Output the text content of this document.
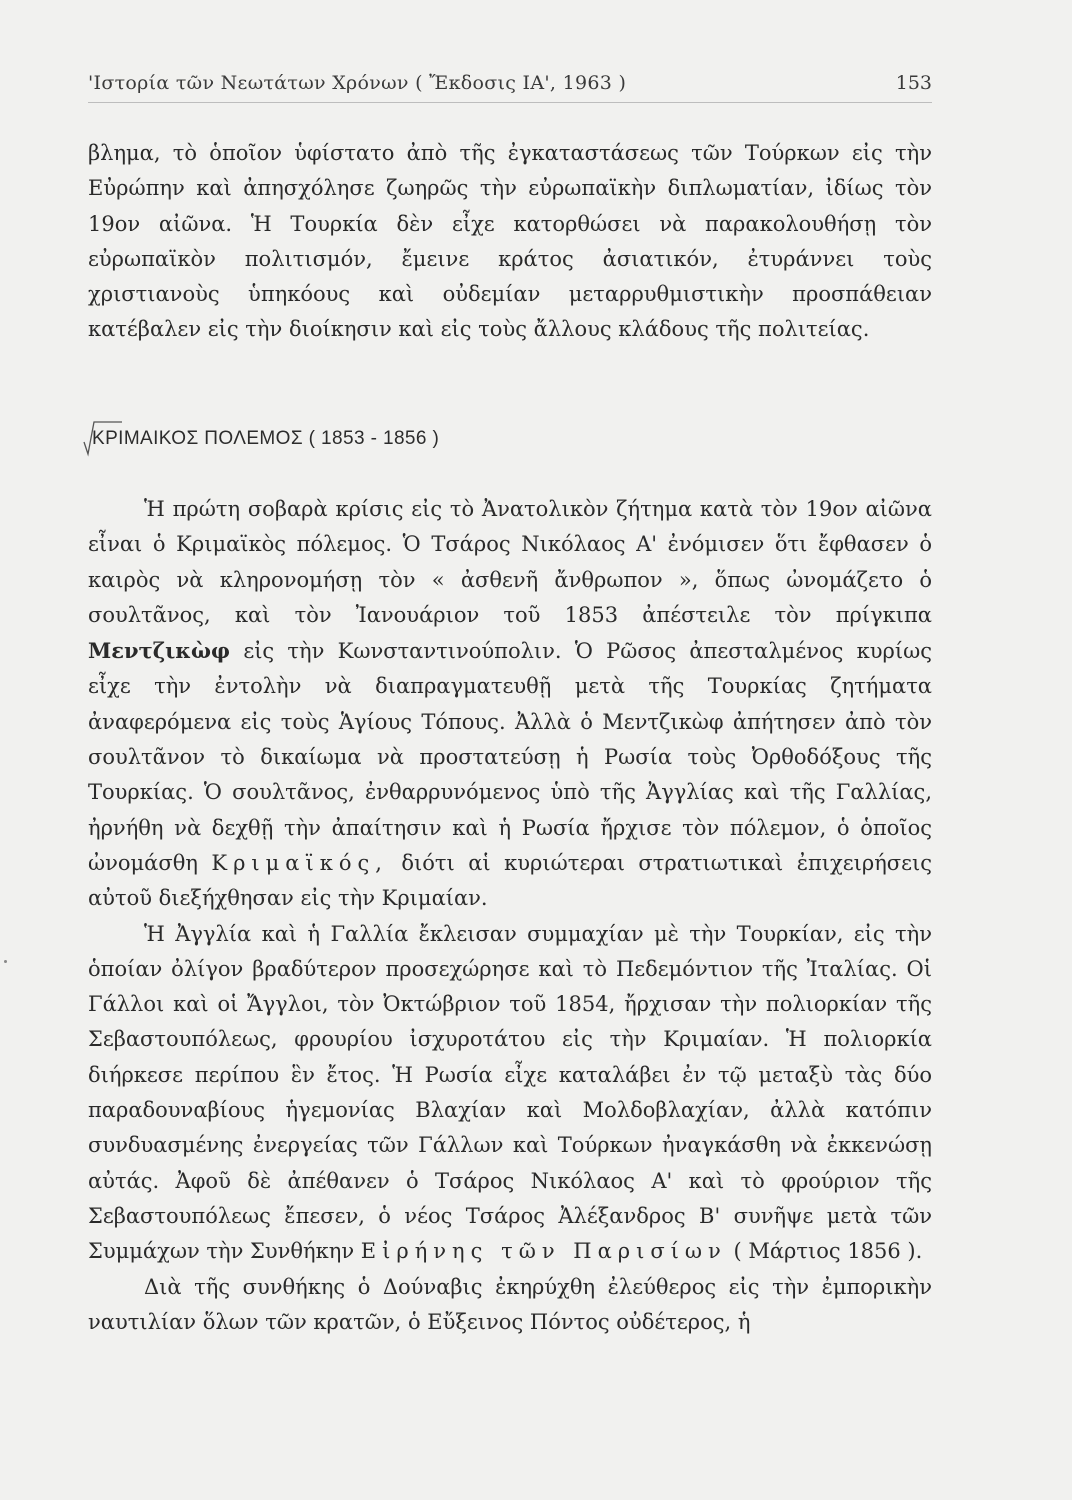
'Ιστορία τῶν Νεωτάτων Χρόνων ( Ἔκδοσις ΙΑ', 1963 )	153

βλημα, τὸ ὁποῖον ὑφίστατο ἀπὸ τῆς ἐγκαταστάσεως τῶν Τούρκων εἰς τὴν Εὐρώπην καὶ ἀπησχόλησε ζωηρῶς τὴν εὐρωπαϊκὴν διπλωματίαν, ἰδίως τὸν 19ον αἰῶνα. Ἡ Τουρκία δὲν εἶχε κατορθώσει νὰ παρακολουθήσῃ τὸν εὐρωπαϊκὸν πολιτισμόν, ἔμεινε κράτος ἀσιατικόν, ἐτυράννει τοὺς χριστιανοὺς ὑπηκόους καὶ οὐδεμίαν μεταρρυθμιστικὴν προσπάθειαν κατέβαλεν εἰς τὴν διοίκησιν καὶ εἰς τοὺς ἄλλους κλάδους τῆς πολιτείας.

ΚΡΙΜΑΙΚΟΣ ΠΟΛΕΜΟΣ ( 1853 - 1856 )

Ἡ πρώτη σοβαρὰ κρίσις εἰς τὸ Ἀνατολικὸν ζήτημα κατὰ τὸν 19ον αἰῶνα εἶναι ὁ Κριμαϊκὸς πόλεμος. Ὁ Τσάρος Νικόλαος Α' ἐνόμισεν ὅτι ἔφθασεν ὁ καιρὸς νὰ κληρονομήσῃ τὸν « ἀσθενῆ ἄνθρωπον », ὅπως ὠνομάζετο ὁ σουλτᾶνος, καὶ τὸν Ἰανουάριον τοῦ 1853 ἀπέστειλε τὸν πρίγκιπα Μεντζικὼφ εἰς τὴν Κωνσταντινούπολιν. Ὁ Ρῶσος ἀπεσταλμένος κυρίως εἶχε τὴν ἐντολὴν νὰ διαπραγματευθῇ μετὰ τῆς Τουρκίας ζητήματα ἀναφερόμενα εἰς τοὺς Ἁγίους Τόπους. Ἀλλὰ ὁ Μεντζικὼφ ἀπήτησεν ἀπὸ τὸν σουλτᾶνον τὸ δικαίωμα νὰ προστατεύσῃ ἡ Ρωσία τοὺς Ὀρθοδόξους τῆς Τουρκίας. Ὁ σουλτᾶνος, ἐνθαρρυνόμενος ὑπὸ τῆς Ἀγγλίας καὶ τῆς Γαλλίας, ἠρνήθη νὰ δεχθῇ τὴν ἀπαίτησιν καὶ ἡ Ρωσία ἤρχισε τὸν πόλεμον, ὁ ὁποῖος ὠνομάσθη Κριμαϊκός, διότι αἱ κυριώτεραι στρατιωτικαὶ ἐπιχειρήσεις αὐτοῦ διεξήχθησαν εἰς τὴν Κριμαίαν.

Ἡ Ἀγγλία καὶ ἡ Γαλλία ἔκλεισαν συμμαχίαν μὲ τὴν Τουρκίαν, εἰς τὴν ὁποίαν ὀλίγον βραδύτερον προσεχώρησε καὶ τὸ Πεδεμόντιον τῆς Ἰταλίας. Οἱ Γάλλοι καὶ οἱ Ἄγγλοι, τὸν Ὀκτώβριον τοῦ 1854, ἤρχισαν τὴν πολιορκίαν τῆς Σεβαστουπόλεως, φρουρίου ἰσχυροτάτου εἰς τὴν Κριμαίαν. Ἡ πολιορκία διήρκεσε περίπου ἓν ἔτος. Ἡ Ρωσία εἶχε καταλάβει ἐν τῷ μεταξὺ τὰς δύο παραδουναβίους ἡγεμονίας Βλαχίαν καὶ Μολδοβλαχίαν, ἀλλὰ κατόπιν συνδυασμένης ἐνεργείας τῶν Γάλλων καὶ Τούρκων ἠναγκάσθη νὰ ἐκκενώσῃ αὐτάς. Ἀφοῦ δὲ ἀπέθανεν ὁ Τσάρος Νικόλαος Α' καὶ τὸ φρούριον τῆς Σεβαστουπόλεως ἔπεσεν, ὁ νέος Τσάρος Ἀλέξανδρος Β' συνῆψε μετὰ τῶν Συμμάχων τὴν Συνθήκην Εἰρήνης τῶν Παρισίων ( Μάρτιος 1856 ).

Διὰ τῆς συνθήκης ὁ Δούναβις ἐκηρύχθη ἐλεύθερος εἰς τὴν ἐμπορικὴν ναυτιλίαν ὅλων τῶν κρατῶν, ὁ Εὔξεινος Πόντος οὐδέτερος, ἡ
